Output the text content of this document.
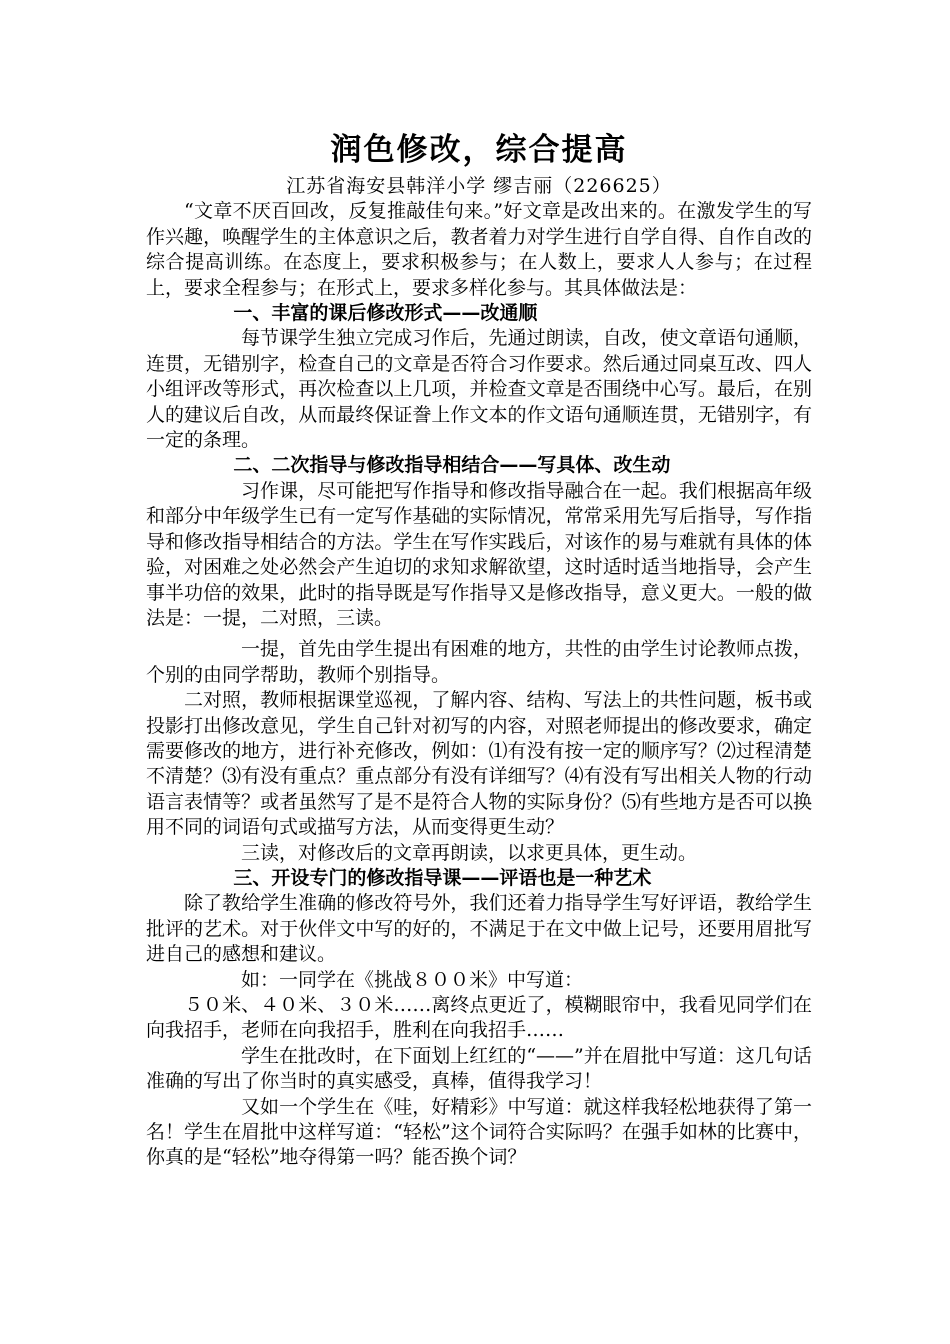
润色修改，综合提高

江苏省海安县韩洋小学 缪吉丽（226625）

“文章不厌百回改，反复推敲佳句来。”好文章是改出来的。在激发学生的写作兴趣，唤醒学生的主体意识之后，教者着力对学生进行自学自得、自作自改的综合提高训练。在态度上，要求积极参与；在人数上，要求人人参与；在过程上，要求全程参与；在形式上，要求多样化参与。其具体做法是：

一、丰富的课后修改形式——改通顺

每节课学生独立完成习作后，先通过朗读，自改，使文章语句通顺，连贯，无错别字，检查自己的文章是否符合习作要求。然后通过同桌互改、四人小组评改等形式，再次检查以上几项，并检查文章是否围绕中心写。最后，在别人的建议后自改，从而最终保证誊上作文本的作文语句通顺连贯，无错别字，有一定的条理。

二、二次指导与修改指导相结合——写具体、改生动

习作课，尽可能把写作指导和修改指导融合在一起。我们根据高年级和部分中年级学生已有一定写作基础的实际情况，常常采用先写后指导，写作指导和修改指导相结合的方法。学生在写作实践后，对该作的易与难就有具体的体验，对困难之处必然会产生迫切的求知求解欲望，这时适时适当地指导，会产生事半功倍的效果，此时的指导既是写作指导又是修改指导，意义更大。一般的做法是：一提，二对照，三读。

一提，首先由学生提出有困难的地方，共性的由学生讨论教师点拨，个别的由同学帮助，教师个别指导。

二对照，教师根据课堂巡视，了解内容、结构、写法上的共性问题，板书或投影打出修改意见，学生自己针对初写的内容，对照老师提出的修改要求，确定需要修改的地方，进行补充修改，例如：⑴有没有按一定的顺序写？⑵过程清楚不清楚？⑶有没有重点？重点部分有没有详细写？⑷有没有写出相关人物的行动语言表情等？或者虽然写了是不是符合人物的实际身份？⑸有些地方是否可以换用不同的词语句式或描写方法，从而变得更生动？

三读，对修改后的文章再朗读，以求更具体，更生动。

三、开设专门的修改指导课——评语也是一种艺术

除了教给学生准确的修改符号外，我们还着力指导学生写好评语，教给学生批评的艺术。对于伙伴文中写的好的，不满足于在文中做上记号，还要用眉批写进自己的感想和建议。

如：一同学在《挑战８００米》中写道：

５０米、４０米、３０米……离终点更近了，模糊眼帘中，我看见同学们在向我招手，老师在向我招手，胜利在向我招手……

学生在批改时，在下面划上红红的“——”并在眉批中写道：这几句话准确的写出了你当时的真实感受，真棒，值得我学习！

又如一个学生在《哇，好精彩》中写道：就这样我轻松地获得了第一名！学生在眉批中这样写道：“轻松”这个词符合实际吗？在强手如林的比赛中，你真的是“轻松”地夺得第一吗？能否换个词？
